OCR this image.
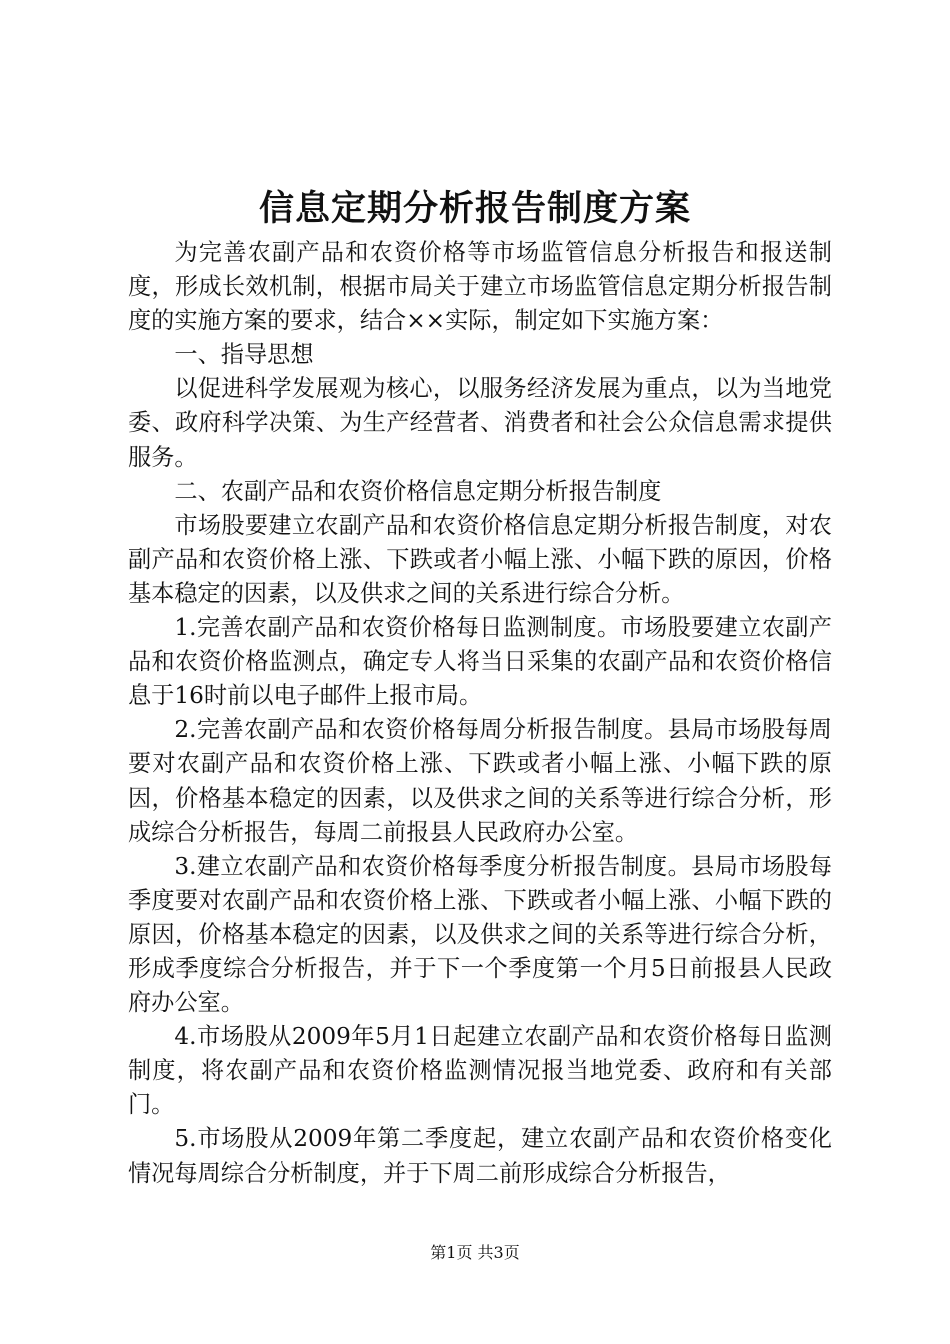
信息定期分析报告制度方案

为完善农副产品和农资价格等市场监管信息分析报告和报送制度，形成长效机制，根据市局关于建立市场监管信息定期分析报告制度的实施方案的要求，结合××实际，制定如下实施方案：

一、指导思想

以促进科学发展观为核心，以服务经济发展为重点，以为当地党委、政府科学决策、为生产经营者、消费者和社会公众信息需求提供服务。

二、农副产品和农资价格信息定期分析报告制度

市场股要建立农副产品和农资价格信息定期分析报告制度，对农副产品和农资价格上涨、下跌或者小幅上涨、小幅下跌的原因，价格基本稳定的因素，以及供求之间的关系进行综合分析。

1.完善农副产品和农资价格每日监测制度。市场股要建立农副产品和农资价格监测点，确定专人将当日采集的农副产品和农资价格信息于16时前以电子邮件上报市局。

2.完善农副产品和农资价格每周分析报告制度。县局市场股每周要对农副产品和农资价格上涨、下跌或者小幅上涨、小幅下跌的原因，价格基本稳定的因素，以及供求之间的关系等进行综合分析，形成综合分析报告，每周二前报县人民政府办公室。

3.建立农副产品和农资价格每季度分析报告制度。县局市场股每季度要对农副产品和农资价格上涨、下跌或者小幅上涨、小幅下跌的原因，价格基本稳定的因素，以及供求之间的关系等进行综合分析，形成季度综合分析报告，并于下一个季度第一个月5日前报县人民政府办公室。

4.市场股从2009年5月1日起建立农副产品和农资价格每日监测制度，将农副产品和农资价格监测情况报当地党委、政府和有关部门。

5.市场股从2009年第二季度起，建立农副产品和农资价格变化情况每周综合分析制度，并于下周二前形成综合分析报告，

第1页 共3页
